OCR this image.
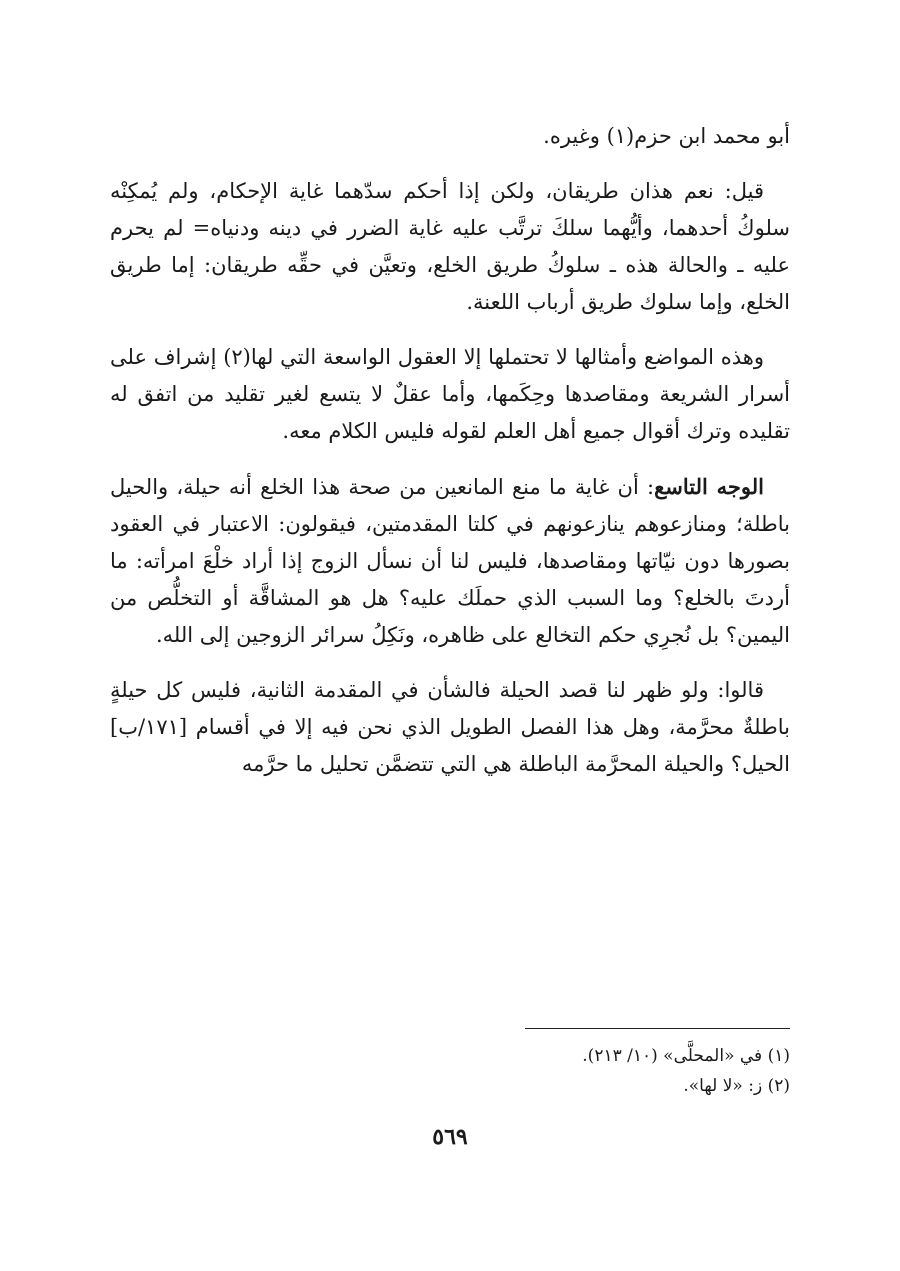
أبو محمد ابن حزم(١) وغيره.
قيل: نعم هذان طريقان، ولكن إذا أحكم سدّهما غاية الإحكام، ولم يُمكِنْه سلوكُ أحدهما، وأيُّهما سلكَ ترتَّب عليه غاية الضرر في دينه ودنياه= لم يحرم عليه ـ والحالة هذه ـ سلوكُ طريق الخلع، وتعيَّن في حقِّه طريقان: إما طريق الخلع، وإما سلوك طريق أرباب اللعنة.
وهذه المواضع وأمثالها لا تحتملها إلا العقول الواسعة التي لها(٢) إشراف على أسرار الشريعة ومقاصدها وحِكَمها، وأما عقلٌ لا يتسع لغير تقليد من اتفق له تقليده وترك أقوال جميع أهل العلم لقوله فليس الكلام معه.
الوجه التاسع: أن غاية ما منع المانعين من صحة هذا الخلع أنه حيلة، والحيل باطلة؛ ومنازعوهم ينازعونهم في كلتا المقدمتين، فيقولون: الاعتبار في العقود بصورها دون نيّاتها ومقاصدها، فليس لنا أن نسأل الزوج إذا أراد خلْعَ امرأته: ما أردتَ بالخلع؟ وما السبب الذي حملَك عليه؟ هل هو المشاقَّة أو التخلُّص من اليمين؟ بل نُجرِي حكم التخالع على ظاهره، ونَكِلُ سرائر الزوجين إلى الله.
قالوا: ولو ظهر لنا قصد الحيلة فالشأن في المقدمة الثانية، فليس كل حيلةٍ باطلةٌ محرَّمة، وهل هذا الفصل الطويل الذي نحن فيه إلا في أقسام [١٧١/ب] الحيل؟ والحيلة المحرَّمة الباطلة هي التي تتضمَّن تحليل ما حرَّمه

(١) في «المحلَّى» (١٠/ ٢١٣).

(٢) ز: «لا لها».

٥٦٩
